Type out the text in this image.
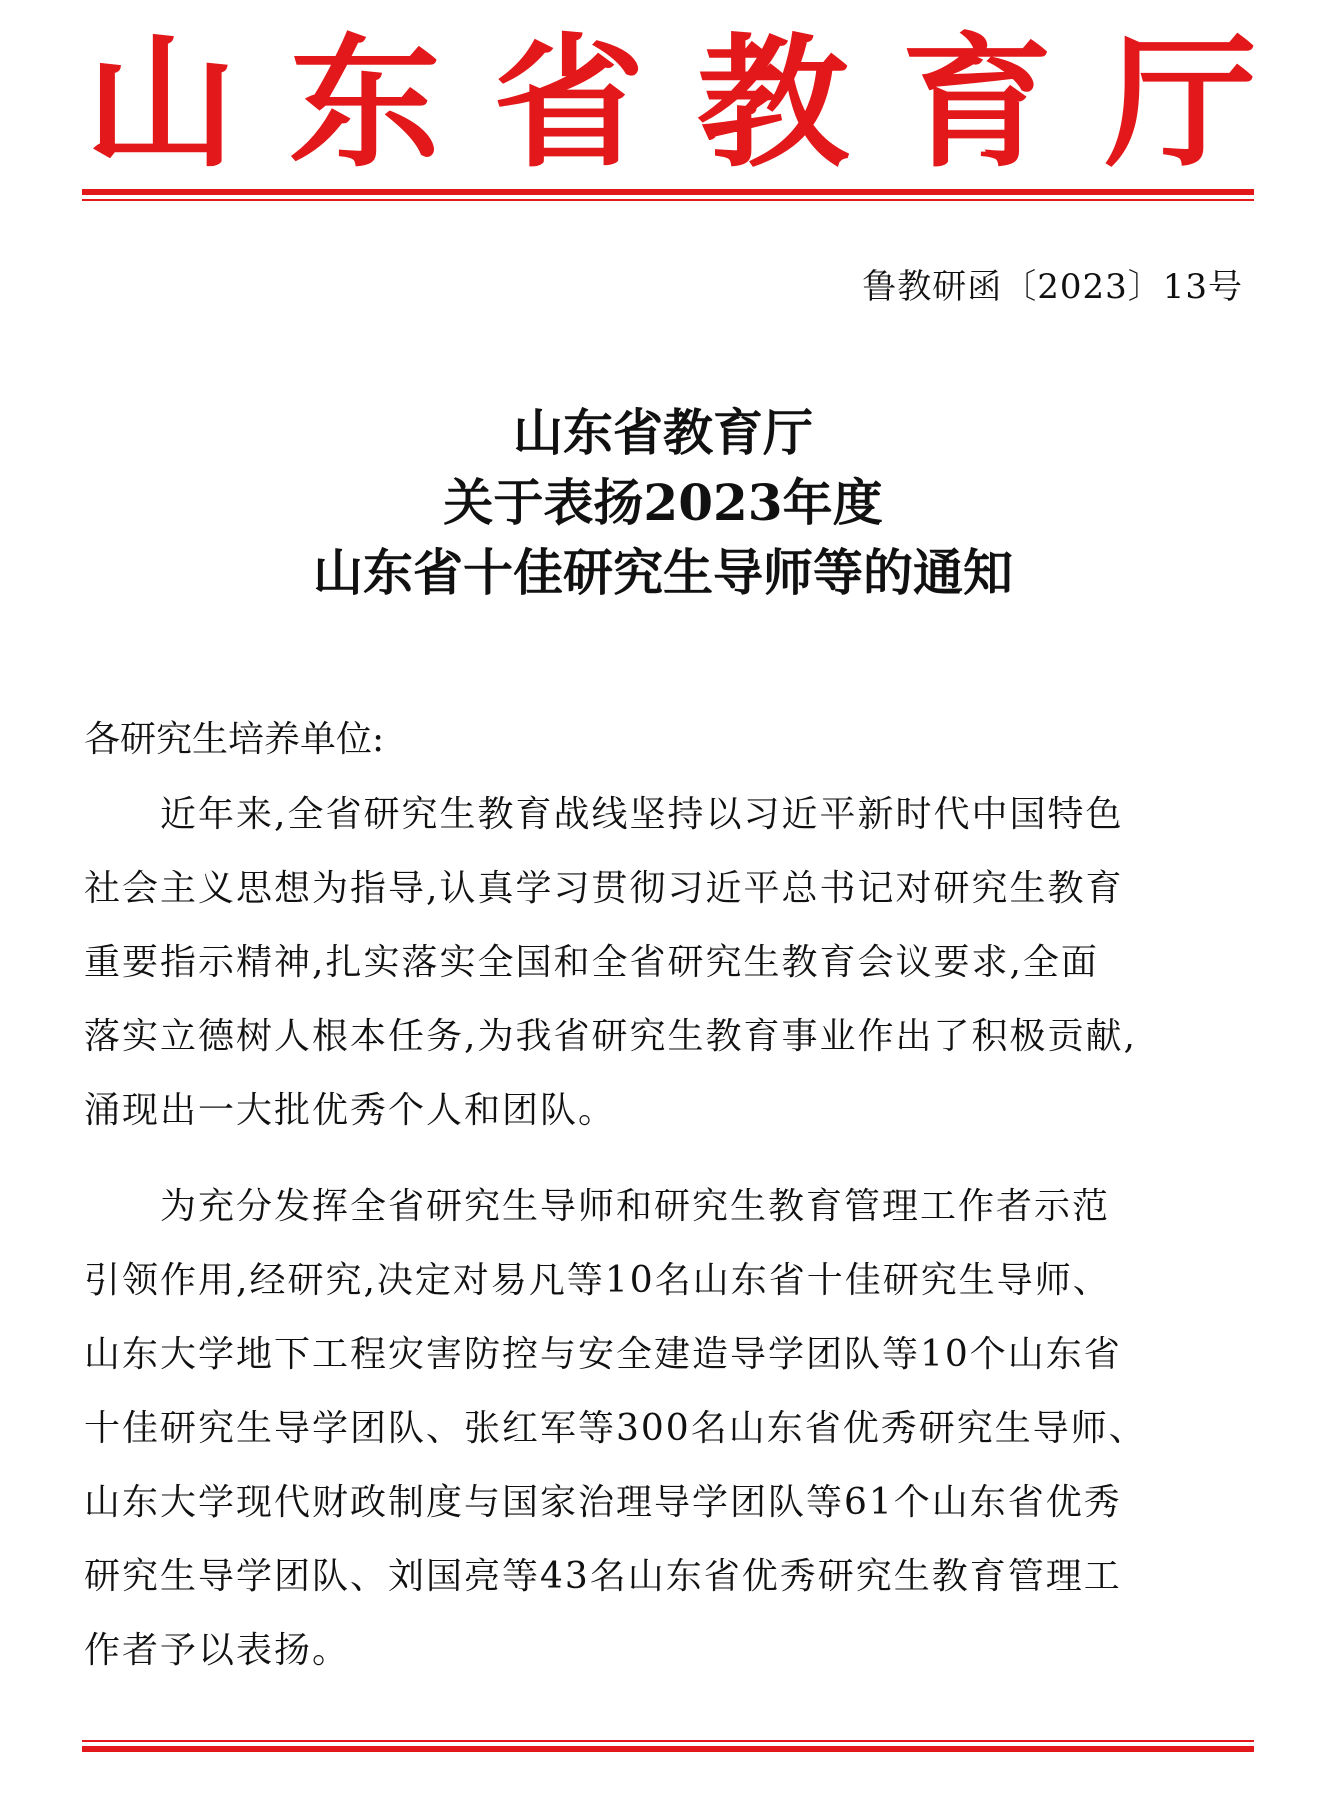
山 东 省 教 育 厅
鲁教研函〔2023〕13号
山东省教育厅
关于表扬2023年度
山东省十佳研究生导师等的通知
各研究生培养单位:
　　近年来,全省研究生教育战线坚持以习近平新时代中国特色
社会主义思想为指导,认真学习贯彻习近平总书记对研究生教育
重要指示精神,扎实落实全国和全省研究生教育会议要求,全面
落实立德树人根本任务,为我省研究生教育事业作出了积极贡献,
涌现出一大批优秀个人和团队。
　　为充分发挥全省研究生导师和研究生教育管理工作者示范
引领作用,经研究,决定对易凡等10名山东省十佳研究生导师、
山东大学地下工程灾害防控与安全建造导学团队等10个山东省
十佳研究生导学团队、张红军等300名山东省优秀研究生导师、
山东大学现代财政制度与国家治理导学团队等61个山东省优秀
研究生导学团队、刘国亮等43名山东省优秀研究生教育管理工
作者予以表扬。
